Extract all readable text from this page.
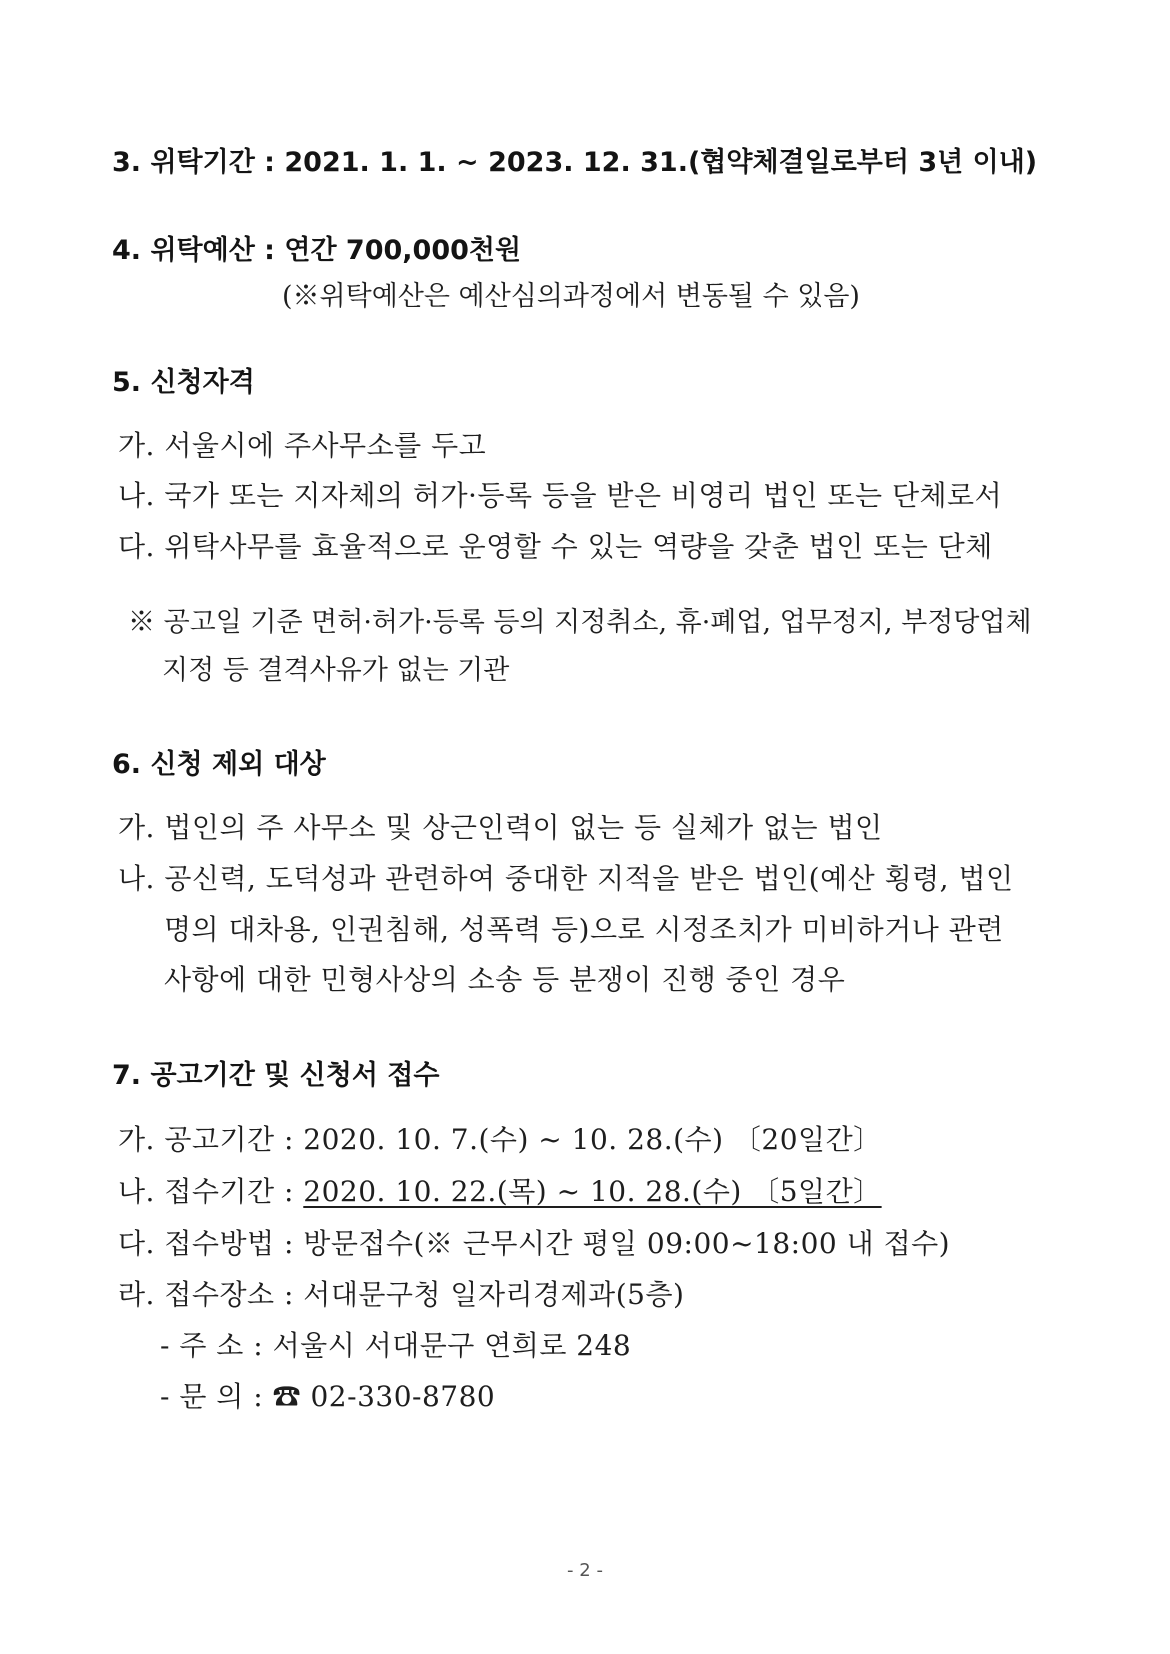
3. 위탁기간 : 2021. 1. 1. ~ 2023. 12. 31.(협약체결일로부터 3년 이내)
4. 위탁예산 : 연간 700,000천원
(※위탁예산은 예산심의과정에서 변동될 수 있음)
5. 신청자격
가. 서울시에 주사무소를 두고
나. 국가 또는 지자체의 허가·등록 등을 받은 비영리 법인 또는 단체로서
다. 위탁사무를 효율적으로 운영할 수 있는 역량을 갖춘 법인 또는 단체
※ 공고일 기준 면허·허가·등록 등의 지정취소, 휴·폐업, 업무정지, 부정당업체
지정 등 결격사유가 없는 기관
6. 신청 제외 대상
가. 법인의 주 사무소 및 상근인력이 없는 등 실체가 없는 법인
나. 공신력, 도덕성과 관련하여 중대한 지적을 받은 법인(예산 횡령, 법인
명의 대차용, 인권침해, 성폭력 등)으로 시정조치가 미비하거나 관련
사항에 대한 민형사상의 소송 등 분쟁이 진행 중인 경우
7. 공고기간 및 신청서 접수
가. 공고기간 : 2020. 10. 7.(수) ~ 10. 28.(수) 〔20일간〕
나. 접수기간 : 2020. 10. 22.(목) ~ 10. 28.(수) 〔5일간〕
다. 접수방법 : 방문접수(※ 근무시간 평일 09:00~18:00 내 접수)
라. 접수장소 : 서대문구청 일자리경제과(5층)
- 주 소 : 서울시 서대문구 연희로 248
- 문 의 : ☎ 02-330-8780
- 2 -
